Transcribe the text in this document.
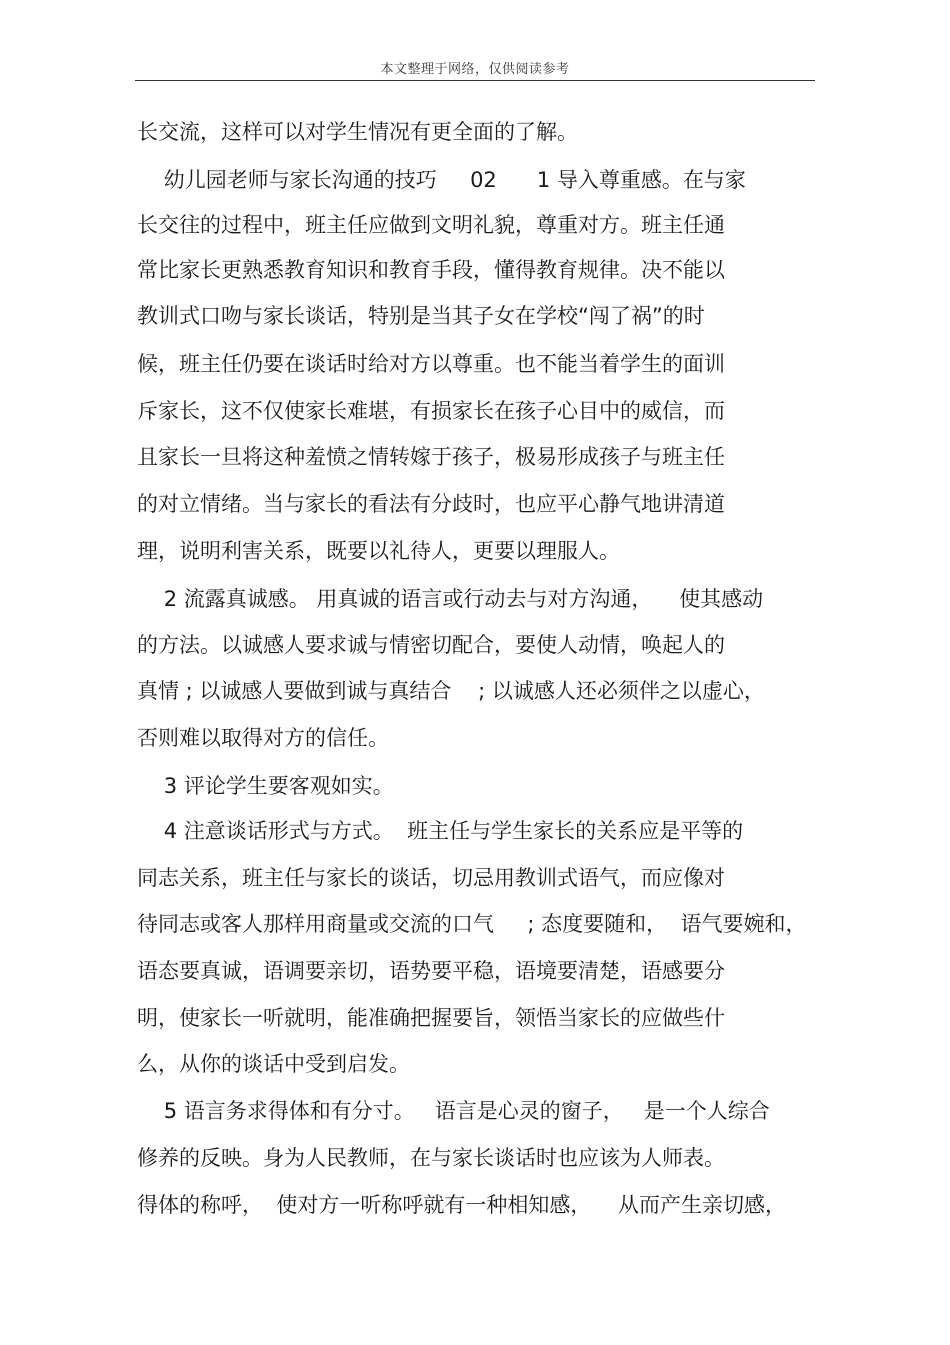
本文整理于网络，仅供阅读参考
长交流，这样可以对学生情况有更全面的了解。
幼儿园老师与家长沟通的技巧     02      1 导入尊重感。在与家
长交往的过程中，班主任应做到文明礼貌，尊重对方。班主任通
常比家长更熟悉教育知识和教育手段，懂得教育规律。决不能以
教训式口吻与家长谈话，特别是当其子女在学校“闯了祸”的时
候，班主任仍要在谈话时给对方以尊重。也不能当着学生的面训
斥家长，这不仅使家长难堪，有损家长在孩子心目中的威信，而
且家长一旦将这种羞愤之情转嫁于孩子，极易形成孩子与班主任
的对立情绪。当与家长的看法有分歧时，也应平心静气地讲清道
理，说明利害关系，既要以礼待人，更要以理服人。
2 流露真诚感。 用真诚的语言或行动去与对方沟通，    使其感动
的方法。以诚感人要求诚与情密切配合，要使人动情，唤起人的
真情 ; 以诚感人要做到诚与真结合    ; 以诚感人还必须伴之以虚心，
否则难以取得对方的信任。
3 评论学生要客观如实。
4 注意谈话形式与方式。  班主任与学生家长的关系应是平等的
同志关系，班主任与家长的谈话，切忌用教训式语气，而应像对
待同志或客人那样用商量或交流的口气     ; 态度要随和，  语气要婉和，
语态要真诚，语调要亲切，语势要平稳，语境要清楚，语感要分
明，使家长一听就明，能准确把握要旨，领悟当家长的应做些什
么，从你的谈话中受到启发。
5 语言务求得体和有分寸。   语言是心灵的窗子，   是一个人综合
修养的反映。身为人民教师，在与家长谈话时也应该为人师表。
得体的称呼，  使对方一听称呼就有一种相知感，    从而产生亲切感，
